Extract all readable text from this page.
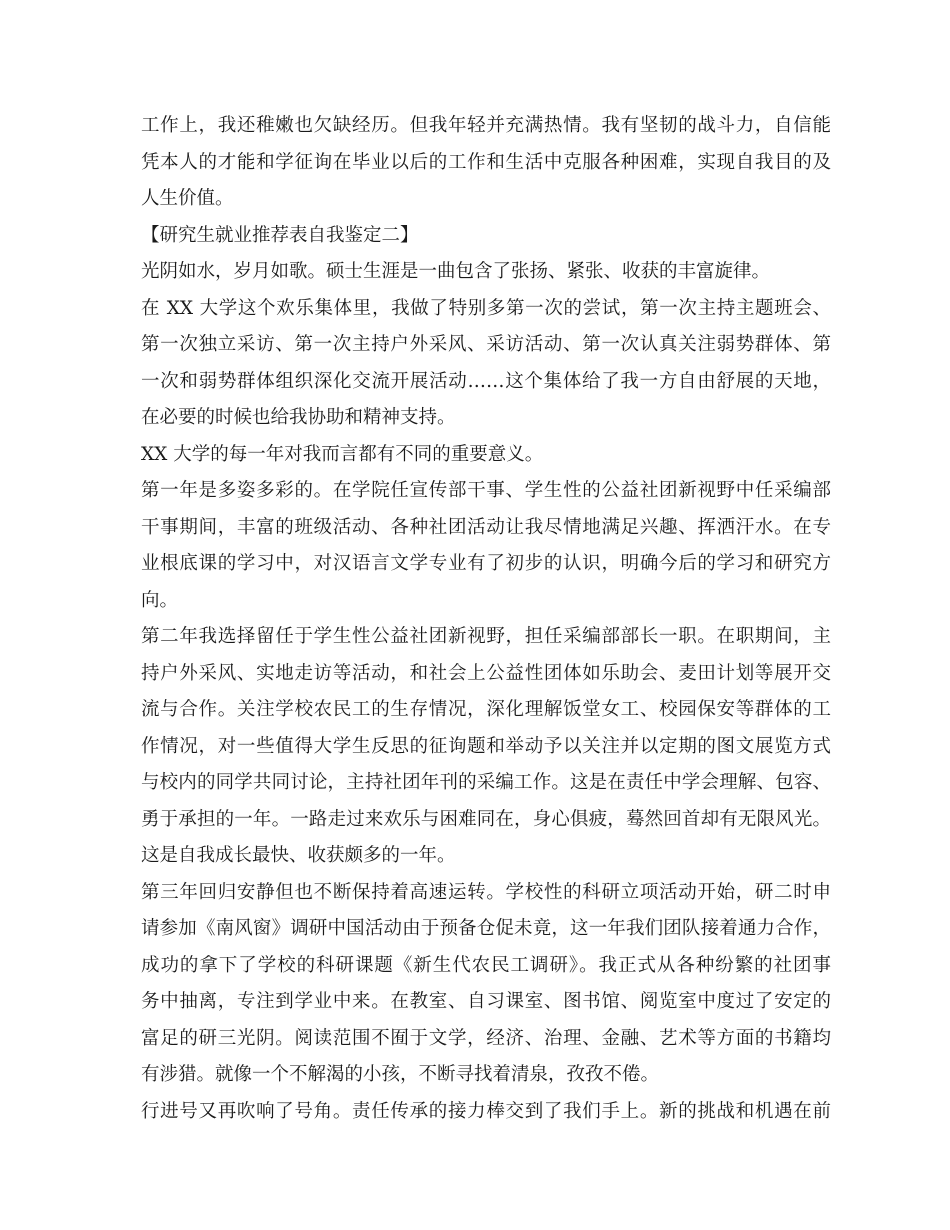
工作上，我还稚嫩也欠缺经历。但我年轻并充满热情。我有坚韧的战斗力，自信能
凭本人的才能和学征询在毕业以后的工作和生活中克服各种困难，实现自我目的及
人生价值。
【研究生就业推荐表自我鉴定二】
光阴如水，岁月如歌。硕士生涯是一曲包含了张扬、紧张、收获的丰富旋律。
在 XX 大学这个欢乐集体里，我做了特别多第一次的尝试，第一次主持主题班会、
第一次独立采访、第一次主持户外采风、采访活动、第一次认真关注弱势群体、第
一次和弱势群体组织深化交流开展活动……这个集体给了我一方自由舒展的天地，
在必要的时候也给我协助和精神支持。
XX 大学的每一年对我而言都有不同的重要意义。
第一年是多姿多彩的。在学院任宣传部干事、学生性的公益社团新视野中任采编部
干事期间，丰富的班级活动、各种社团活动让我尽情地满足兴趣、挥洒汗水。在专
业根底课的学习中，对汉语言文学专业有了初步的认识，明确今后的学习和研究方
向。
第二年我选择留任于学生性公益社团新视野，担任采编部部长一职。在职期间，主
持户外采风、实地走访等活动，和社会上公益性团体如乐助会、麦田计划等展开交
流与合作。关注学校农民工的生存情况，深化理解饭堂女工、校园保安等群体的工
作情况，对一些值得大学生反思的征询题和举动予以关注并以定期的图文展览方式
与校内的同学共同讨论，主持社团年刊的采编工作。这是在责任中学会理解、包容、
勇于承担的一年。一路走过来欢乐与困难同在，身心俱疲，蓦然回首却有无限风光。
这是自我成长最快、收获颇多的一年。
第三年回归安静但也不断保持着高速运转。学校性的科研立项活动开始，研二时申
请参加《南风窗》调研中国活动由于预备仓促未竟，这一年我们团队接着通力合作，
成功的拿下了学校的科研课题《新生代农民工调研》。我正式从各种纷繁的社团事
务中抽离，专注到学业中来。在教室、自习课室、图书馆、阅览室中度过了安定的
富足的研三光阴。阅读范围不囿于文学，经济、治理、金融、艺术等方面的书籍均
有涉猎。就像一个不解渴的小孩，不断寻找着清泉，孜孜不倦。
行进号又再吹响了号角。责任传承的接力棒交到了我们手上。新的挑战和机遇在前
